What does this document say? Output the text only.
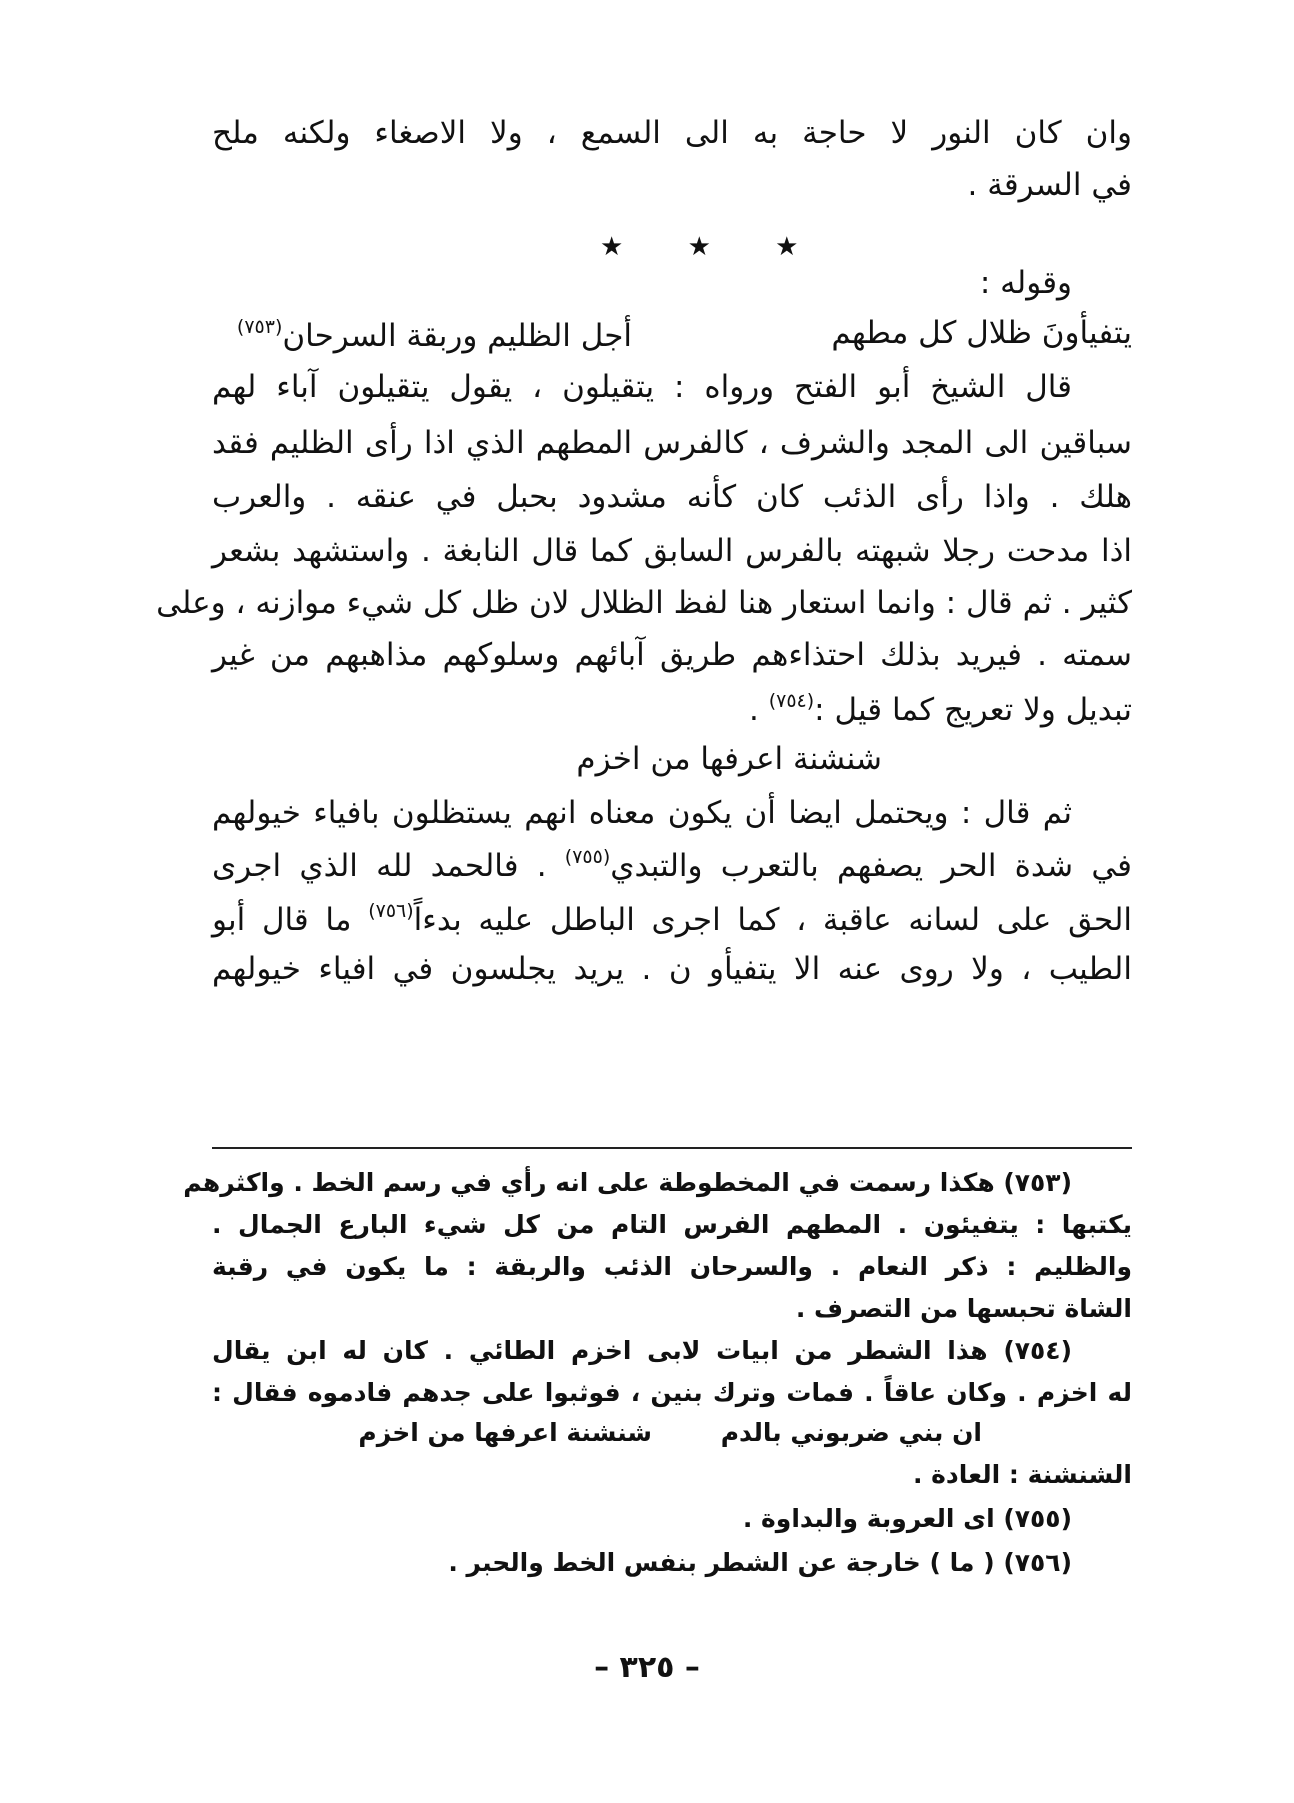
وان كان النور لا حاجة به الى السمع ، ولا الاصغاء ولكنه ملح
في السرقة .
وقوله :
يتفيأونَ ظلال كل مطهم
أجل الظليم وربقة السرحان$^{(٧٥٣)}$
قال الشيخ أبو الفتح ورواه : يتقيلون ، يقول يتقيلون آباء لهم
سباقين الى المجد والشرف ، كالفرس المطهم الذي اذا رأى الظليم فقد
هلك . واذا رأى الذئب كان كأنه مشدود بحبل في عنقه . والعرب
اذا مدحت رجلا شبهته بالفرس السابق كما قال النابغة . واستشهد بشعر
كثير . ثم قال : وانما استعار هنا لفظ الظلال لان ظل كل شيء موازنه ، وعلى
سمته . فيريد بذلك احتذاءهم طريق آبائهم وسلوكهم مذاهبهم من غير
تبديل ولا تعريج كما قيل :$^{(٧٥٤)}$ .
شنشنة اعرفها من اخزم
ثم قال : ويحتمل ايضا أن يكون معناه انهم يستظلون بافياء خيولهم
في شدة الحر يصفهم بالتعرب والتبدي$^{(٧٥٥)}$ . فالحمد لله الذي اجرى
الحق على لسانه عاقبة ، كما اجرى الباطل عليه بدءاً$^{(٧٥٦)}$ ما قال أبو
الطيب ، ولا روى عنه الا يتفيأو ن . يريد يجلسون في افياء خيولهم
★ ★ ★
(٧٥٣) هكذا رسمت في المخطوطة على انه رأي في رسم الخط . واكثرهم
يكتبها : يتفيئون . المطهم الفرس التام من كل شيء البارع الجمال .
والظليم : ذكر النعام . والسرحان الذئب والربقة : ما يكون في رقبة
الشاة تحبسها من التصرف .
(٧٥٤) هذا الشطر من ابيات لابى اخزم الطائي . كان له ابن يقال
له اخزم . وكان عاقاً . فمات وترك بنين ، فوثبوا على جدهم فادموه فقال :
ان بني ضربوني بالدم
شنشنة اعرفها من اخزم
الشنشنة : العادة .
(٧٥٥) اى العروبة والبداوة .
(٧٥٦) ( ما ) خارجة عن الشطر بنفس الخط والحبر .
– ٣٢٥ –
